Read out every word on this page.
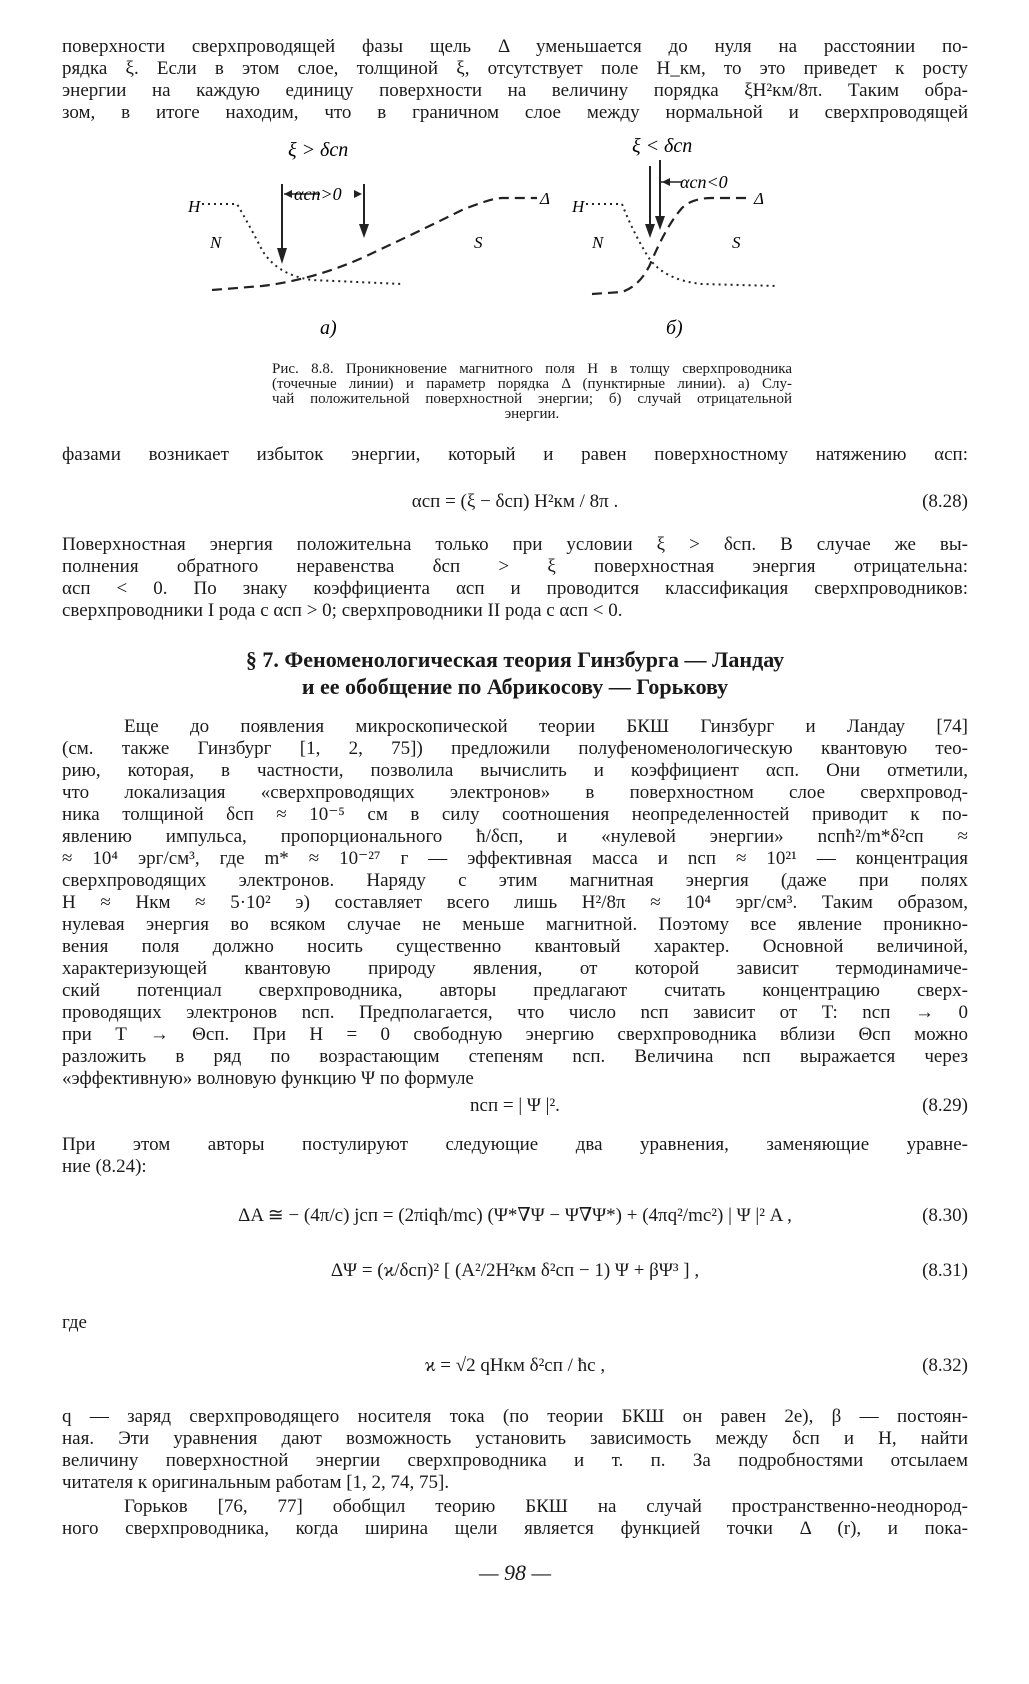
поверхности сверхпроводящей фазы щель Δ уменьшается до нуля на расстоянии по-

рядка ξ. Если в этом слое, толщиной ξ, отсутствует поле H_км, то это приведет к росту

энергии на каждую единицу поверхности на величину порядка ξH²км/8π. Таким обра-

зом, в итоге находим, что в граничном слое между нормальной и сверхпроводящей

ξ > δсп
αсп>0
H	Δ
N	S
а)
ξ < δсп
αсп<0
H	Δ
N	S
б)

Рис. 8.8. Проникновение магнитного поля H в толщу сверхпроводника

(точечные линии) и параметр порядка Δ (пунктирные линии). а) Слу-

чай положительной поверхностной энергии; б) случай отрицательной

энергии.

фазами возникает избыток энергии, который и равен поверхностному натяжению αсп:

αсп = (ξ − δсп) H²км / 8π .	(8.28)

Поверхностная энергия положительна только при условии ξ > δсп. В случае же вы-

полнения обратного неравенства δсп > ξ поверхностная энергия отрицательна:

αсп < 0. По знаку коэффициента αсп и проводится классификация сверхпроводников:

сверхпроводники I рода с αсп > 0; сверхпроводники II рода с αсп < 0.

§ 7. Феноменологическая теория Гинзбурга — Ландау
и ее обобщение по Абрикосову — Горькову

Еще до появления микроскопической теории БКШ Гинзбург и Ландау [74]

(см. также Гинзбург [1, 2, 75]) предложили полуфеноменологическую квантовую тео-

рию, которая, в частности, позволила вычислить и коэффициент αсп. Они отметили,

что локализация «сверхпроводящих электронов» в поверхностном слое сверхпровод-

ника толщиной δсп ≈ 10⁻⁵ см в силу соотношения неопределенностей приводит к по-

явлению импульса, пропорционального ħ/δсп, и «нулевой энергии» nспħ²/m*δ²сп ≈

≈ 10⁴ эрг/см³, где m* ≈ 10⁻²⁷ г — эффективная масса и nсп ≈ 10²¹ — концентрация

сверхпроводящих электронов. Наряду с этим магнитная энергия (даже при полях

H ≈ Hкм ≈ 5·10² э) составляет всего лишь H²/8π ≈ 10⁴ эрг/см³. Таким образом,

нулевая энергия во всяком случае не меньше магнитной. Поэтому все явление проникно-

вения поля должно носить существенно квантовый характер. Основной величиной,

характеризующей квантовую природу явления, от которой зависит термодинамиче-

ский потенциал сверхпроводника, авторы предлагают считать концентрацию сверх-

проводящих электронов nсп. Предполагается, что число nсп зависит от T: nсп → 0

при T → Θсп. При H = 0 свободную энергию сверхпроводника вблизи Θсп можно

разложить в ряд по возрастающим степеням nсп. Величина nсп выражается через

«эффективную» волновую функцию Ψ по формуле

nсп = | Ψ |².	(8.29)

При этом авторы постулируют следующие два уравнения, заменяющие уравне-

ние (8.24):

ΔA ≅ − (4π/c) jсп = (2πiqħ/mc) (Ψ*∇Ψ − Ψ∇Ψ*) + (4πq²/mc²) | Ψ |² A ,	(8.30)
ΔΨ = (ϰ/δсп)² [ (A²/2H²км δ²сп − 1) Ψ + βΨ³ ] ,	(8.31)

где

ϰ = √2 qHкм δ²сп / ħc ,	(8.32)

q — заряд сверхпроводящего носителя тока (по теории БКШ он равен 2e), β — постоян-

ная. Эти уравнения дают возможность установить зависимость между δсп и H, найти

величину поверхностной энергии сверхпроводника и т. п. За подробностями отсылаем

читателя к оригинальным работам [1, 2, 74, 75].

Горьков [76, 77] обобщил теорию БКШ на случай пространственно-неоднород-

ного сверхпроводника, когда ширина щели является функцией точки Δ (r), и пока-

— 98 —
